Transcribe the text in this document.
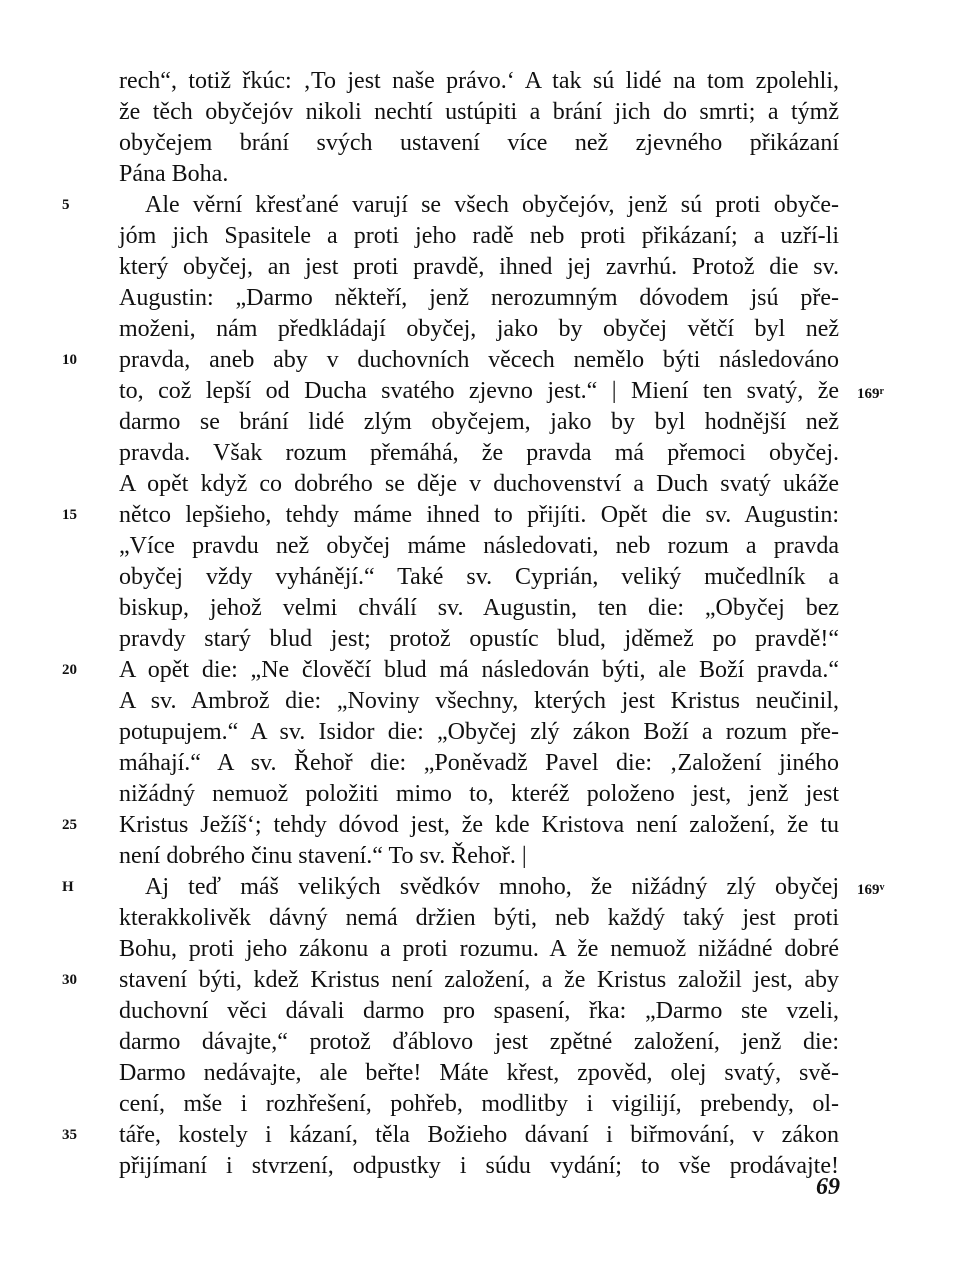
rech“, totiž řkúc: ‚To jest naše právo.‘ A tak sú lidé na tom zpolehli,
že těch obyčejóv nikoli nechtí ustúpiti a brání jich do smrti; a týmž
obyčejem brání svých ustavení více než zjevného přikázaní
Pána Boha.
Ale věrní křesťané varují se všech obyčejóv, jenž sú proti obyče-
jóm jich Spasitele a proti jeho radě neb proti přikázaní; a uzří-li
který obyčej, an jest proti pravdě, ihned jej zavrhú. Protož die sv.
Augustin: „Darmo někteří, jenž nerozumným dóvodem jsú pře-
moženi, nám předkládají obyčej, jako by obyčej větčí byl než
pravda, aneb aby v duchovních věcech nemělo býti následováno
to, což lepší od Ducha svatého zjevno jest.“ | Miení ten svatý, že
darmo se brání lidé zlým obyčejem, jako by byl hodnější než
pravda. Však rozum přemáhá, že pravda má přemoci obyčej.
A opět když co dobrého se děje v duchovenství a Duch svatý ukáže
nětco lepšieho, tehdy máme ihned to přijíti. Opět die sv. Augustin:
„Více pravdu než obyčej máme následovati, neb rozum a pravda
obyčej vždy vyhánějí.“ Také sv. Cyprián, veliký mučedlník a
biskup, jehož velmi chválí sv. Augustin, ten die: „Obyčej bez
pravdy starý blud jest; protož opustíc blud, jděmež po pravdě!“
A opět die: „Ne člověčí blud má následován býti, ale Boží pravda.“
A sv. Ambrož die: „Noviny všechny, kterých jest Kristus neučinil,
potupujem.“ A sv. Isidor die: „Obyčej zlý zákon Boží a rozum pře-
máhají.“ A sv. Řehoř die: „Poněvadž Pavel die: ‚Založení jiného
nižádný nemuož položiti mimo to, kteréž položeno jest, jenž jest
Kristus Ježíš‘; tehdy dóvod jest, že kde Kristova není založení, že tu
není dobrého činu stavení.“ To sv. Řehoř. |
Aj teď máš velikých svědkóv mnoho, že nižádný zlý obyčej
kterakkolivěk dávný nemá držien býti, neb každý taký jest proti
Bohu, proti jeho zákonu a proti rozumu. A že nemuož nižádné dobré
stavení býti, kdež Kristus není založení, a že Kristus založil jest, aby
duchovní věci dávali darmo pro spasení, řka: „Darmo ste vzeli,
darmo dávajte,“ protož ďáblovo jest zpětné založení, jenž die:
Darmo nedávajte, ale beřte! Máte křest, zpověd, olej svatý, svě-
cení, mše i rozhřešení, pohřeb, modlitby i vigilijí, prebendy, ol-
táře, kostely i kázaní, těla Božieho dávaní i biřmování, v zákon
přijímaní i stvrzení, odpustky i súdu vydání; to vše prodávajte!
5
10
15
20
25
H
30
35
169$^r$
169$^v$
69
